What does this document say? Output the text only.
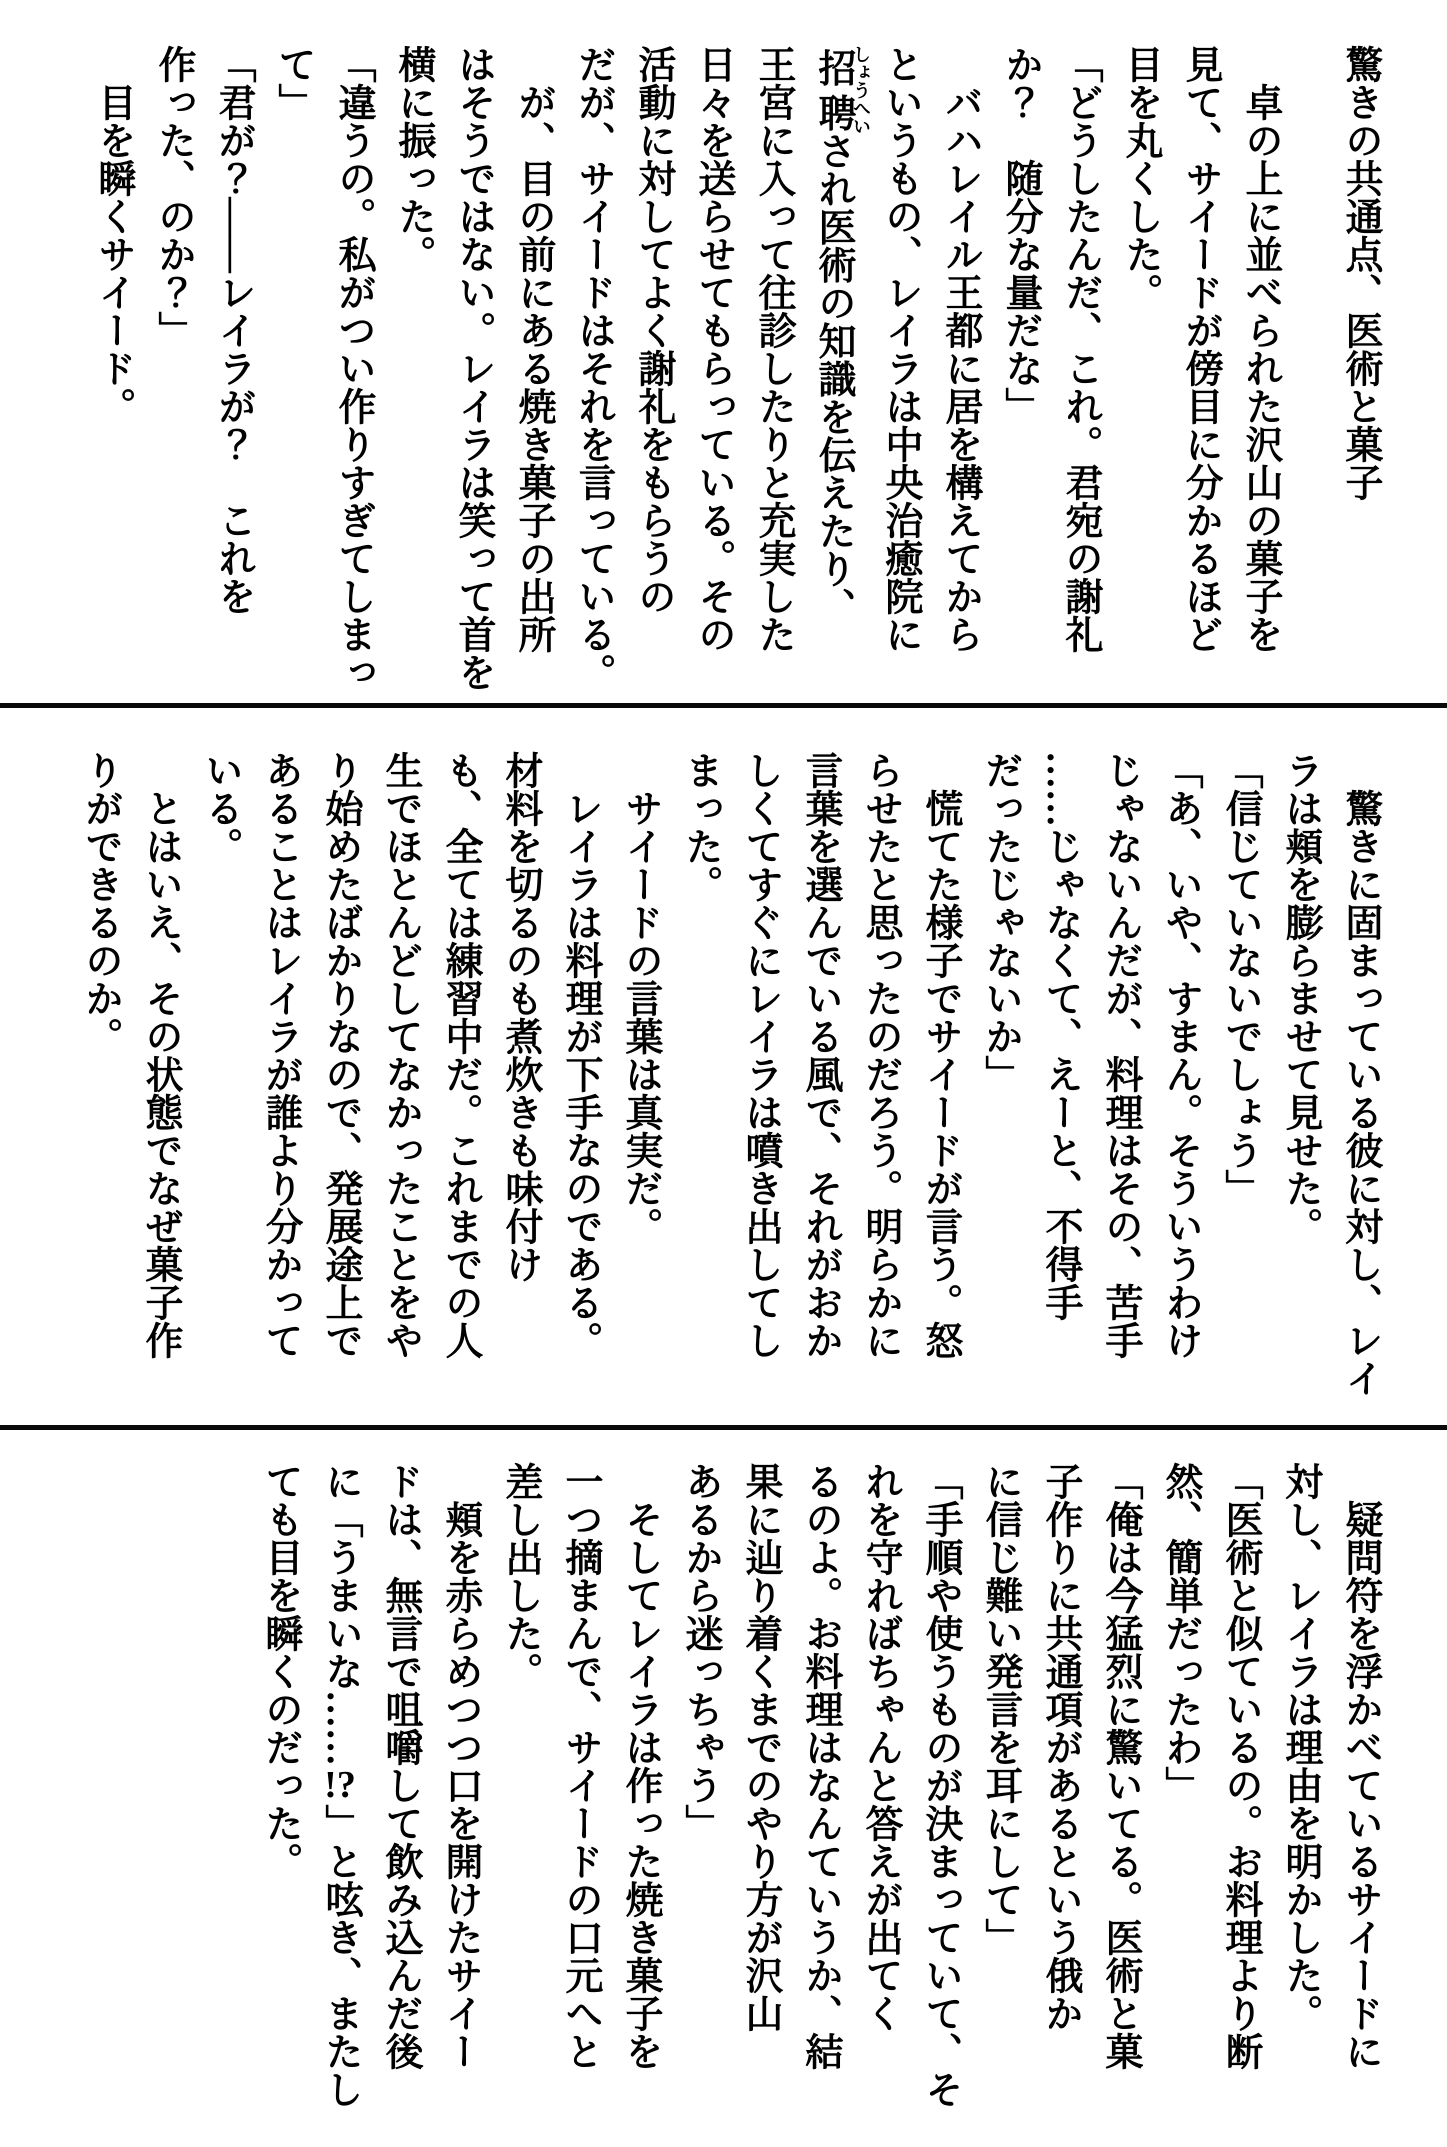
驚きの共通点、医術と菓子
　卓の上に並べられた沢山の菓子を
見て、サイードが傍目に分かるほど
目を丸くした。
「どうしたんだ、これ。君宛の謝礼
か？　随分な量だな」
　バハレイル王都に居を構えてから
というもの、レイラは中央治癒院に
招聘しょうへいされ医術の知識を伝えたり、
王宮に入って往診したりと充実した
日々を送らせてもらっている。その
活動に対してよく謝礼をもらうの
だが、サイードはそれを言っている。
　が、目の前にある焼き菓子の出所
はそうではない。レイラは笑って首を
横に振った。
「違うの。私がつい作りすぎてしまっ
て」
「君が？――レイラが？　これを
作った、のか？」
　目を瞬くサイード。
　驚きに固まっている彼に対し、レイ
ラは頬を膨らませて見せた。
「信じていないでしょう」
「あ、いや、すまん。そういうわけ
じゃないんだが、料理はその、苦手
……じゃなくて、えーと、不得手
だったじゃないか」
　慌てた様子でサイードが言う。怒
らせたと思ったのだろう。明らかに
言葉を選んでいる風で、それがおか
しくてすぐにレイラは噴き出してし
まった。
　サイードの言葉は真実だ。
　レイラは料理が下手なのである。
材料を切るのも煮炊きも味付け
も、全ては練習中だ。これまでの人
生でほとんどしてなかったことをや
り始めたばかりなので、発展途上で
あることはレイラが誰より分かって
いる。
　とはいえ、その状態でなぜ菓子作
りができるのか。
　疑問符を浮かべているサイードに
対し、レイラは理由を明かした。
「医術と似ているの。お料理より断
然、簡単だったわ」
「俺は今猛烈に驚いてる。医術と菓
子作りに共通項があるという俄か
に信じ難い発言を耳にして」
「手順や使うものが決まっていて、そ
れを守ればちゃんと答えが出てく
るのよ。お料理はなんていうか、結
果に辿り着くまでのやり方が沢山
あるから迷っちゃう」
　そしてレイラは作った焼き菓子を
一つ摘まんで、サイードの口元へと
差し出した。
　頬を赤らめつつ口を開けたサイー
ドは、無言で咀嚼して飲み込んだ後
に「うまいな……!?」と呟き、またし
ても目を瞬くのだった。
